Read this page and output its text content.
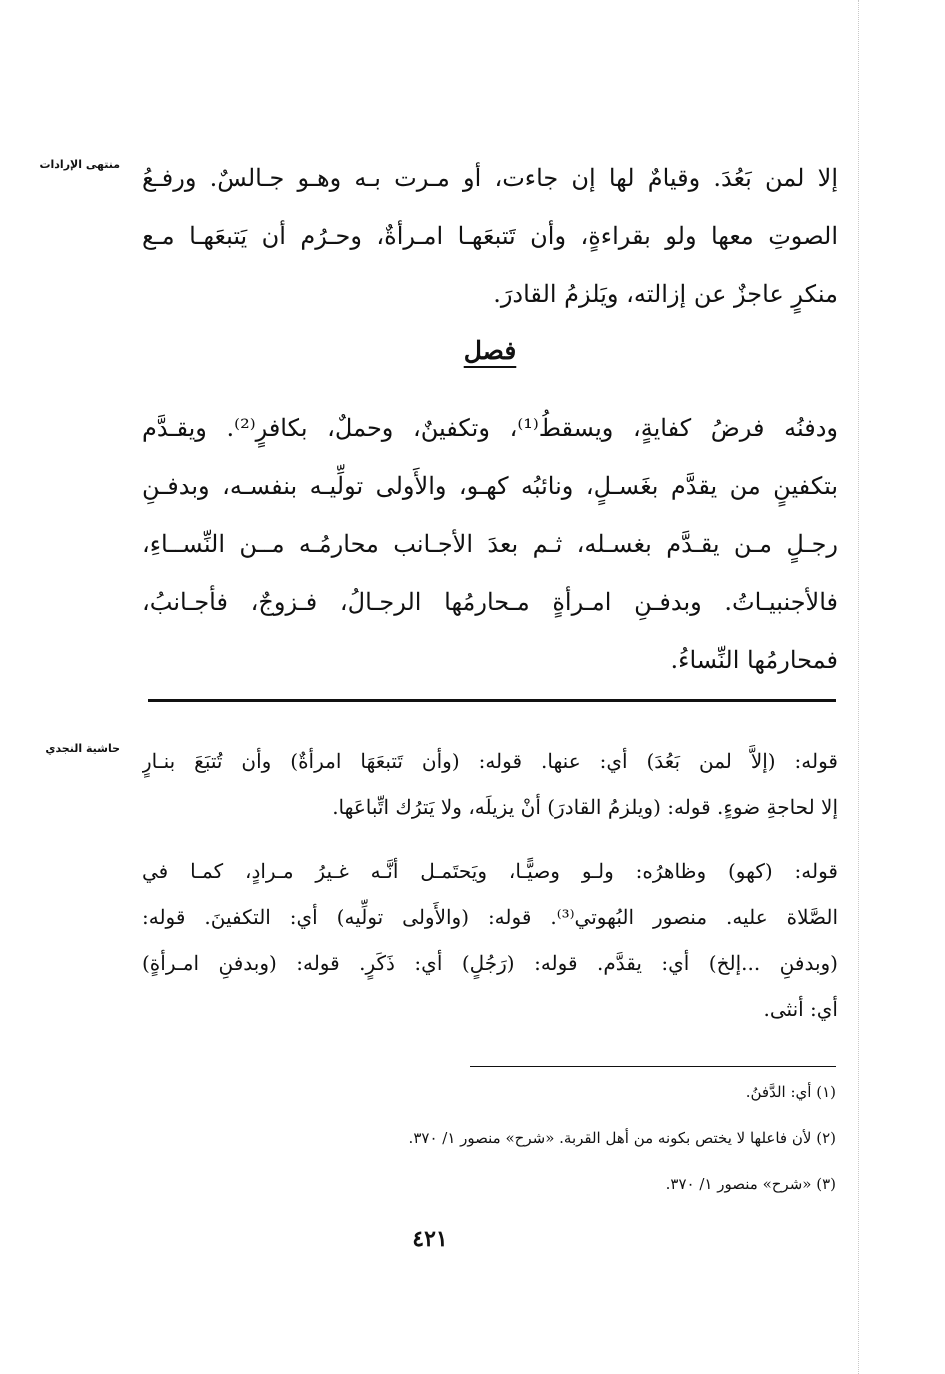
منتهى الإرادات
حاشية النجدي
إلا لمن بَعُدَ. وقيامٌ لها إن جاءت، أو مـرت بـه وهـو جـالسٌ. ورفـعُ
الصوتِ معها ولو بقراءةٍ، وأن تَتبعَهـا امـرأةٌ، وحـرُم أن يَتبعَهـا مـع
منكرٍ عاجزٌ عن إزالته، ويَلزمُ القادرَ.
فصل
ودفنُه فرضُ كفايةٍ، ويسقطُ⁽¹⁾، وتكفينٌ، وحملٌ، بكافرٍ⁽²⁾. ويقـدَّم
بتكفينٍ من يقدَّم بغَسـلٍ، ونائبُه كهـو، والأَولى تولِّيـه بنفسـه، وبدفـنِ
رجـلٍ مـن يقـدَّم بغسـله، ثـم بعدَ الأجـانب محارمُـه مــن النِّســاءِ،
فالأجنبيـاتُ. وبدفـنِ امـرأةٍ مـحارمُها الرجـالُ، فـزوجٌ، فأجـانبُ،
فمحارمُها النِّساءُ.
قوله: (إلاَّ لمن بَعُدَ) أي: عنها. قوله: (وأن تَتبعَهَا امرأةٌ) وأن تُتبَعَ بنـارٍ
إلا لحاجةِ ضوءٍ. قوله: (ويلزمُ القادرَ) أنْ يزيلَه، ولا يَترُك اتِّباعَها.
قوله: (كهو) وظاهرُه: ولـو وصيًّـا، ويَحتَمـل أنَّـه غـيرُ مـرادٍ، كمـا في
الصَّلاة عليه. منصور البُهوتي⁽³⁾. قوله: (والأَولى تولِّيه) أي: التكفينَ. قوله:
(وبدفنِ ...إلخ) أي: يقدَّم. قوله: (رَجُلٍ) أي: ذَكَرٍ. قوله: (وبدفنِ امـرأةٍ)
أي: أنثى.
(١) أي: الدَّفنُ.
(٢) لأن فاعلها لا يختص بكونه من أهل القربة. «شرح» منصور ١/ ٣٧٠.
(٣) «شرح» منصور ١/ ٣٧٠.
٤٢١
